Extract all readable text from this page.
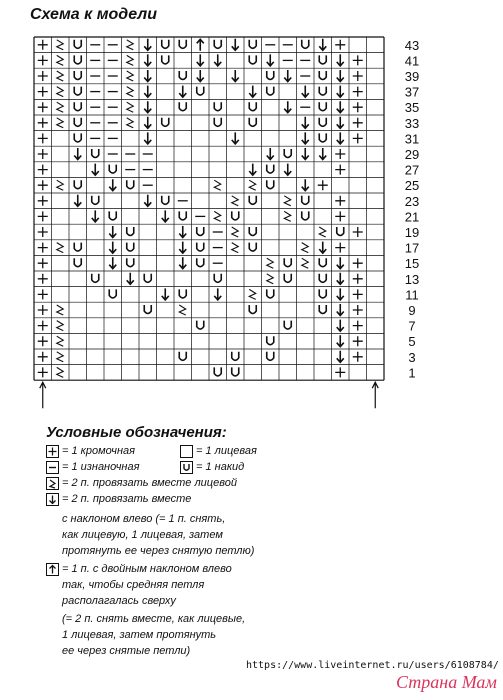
Схема к модели
43
41
39
37
35
33
31
29
27
25
23
21
19
17
15
13
11
9
7
5
3
1
Условные обозначения:
= 1 кромочная	= 1 лицевая
= 1 изнаночная	= 1 накид
= 2 п. провязать вместе лицевой
= 2 п. провязать вместе
с наклоном влево (= 1 п. снять,
как лицевую, 1 лицевая, затем
протянуть ее через снятую петлю)
= 1 п. с двойным наклоном влево
так, чтобы средняя петля
располагалась сверху
(= 2 п. снять вместе, как лицевые,
1 лицевая, затем протянуть
ее через снятые петли)
https://www.liveinternet.ru/users/6108784/
Страна Мам
